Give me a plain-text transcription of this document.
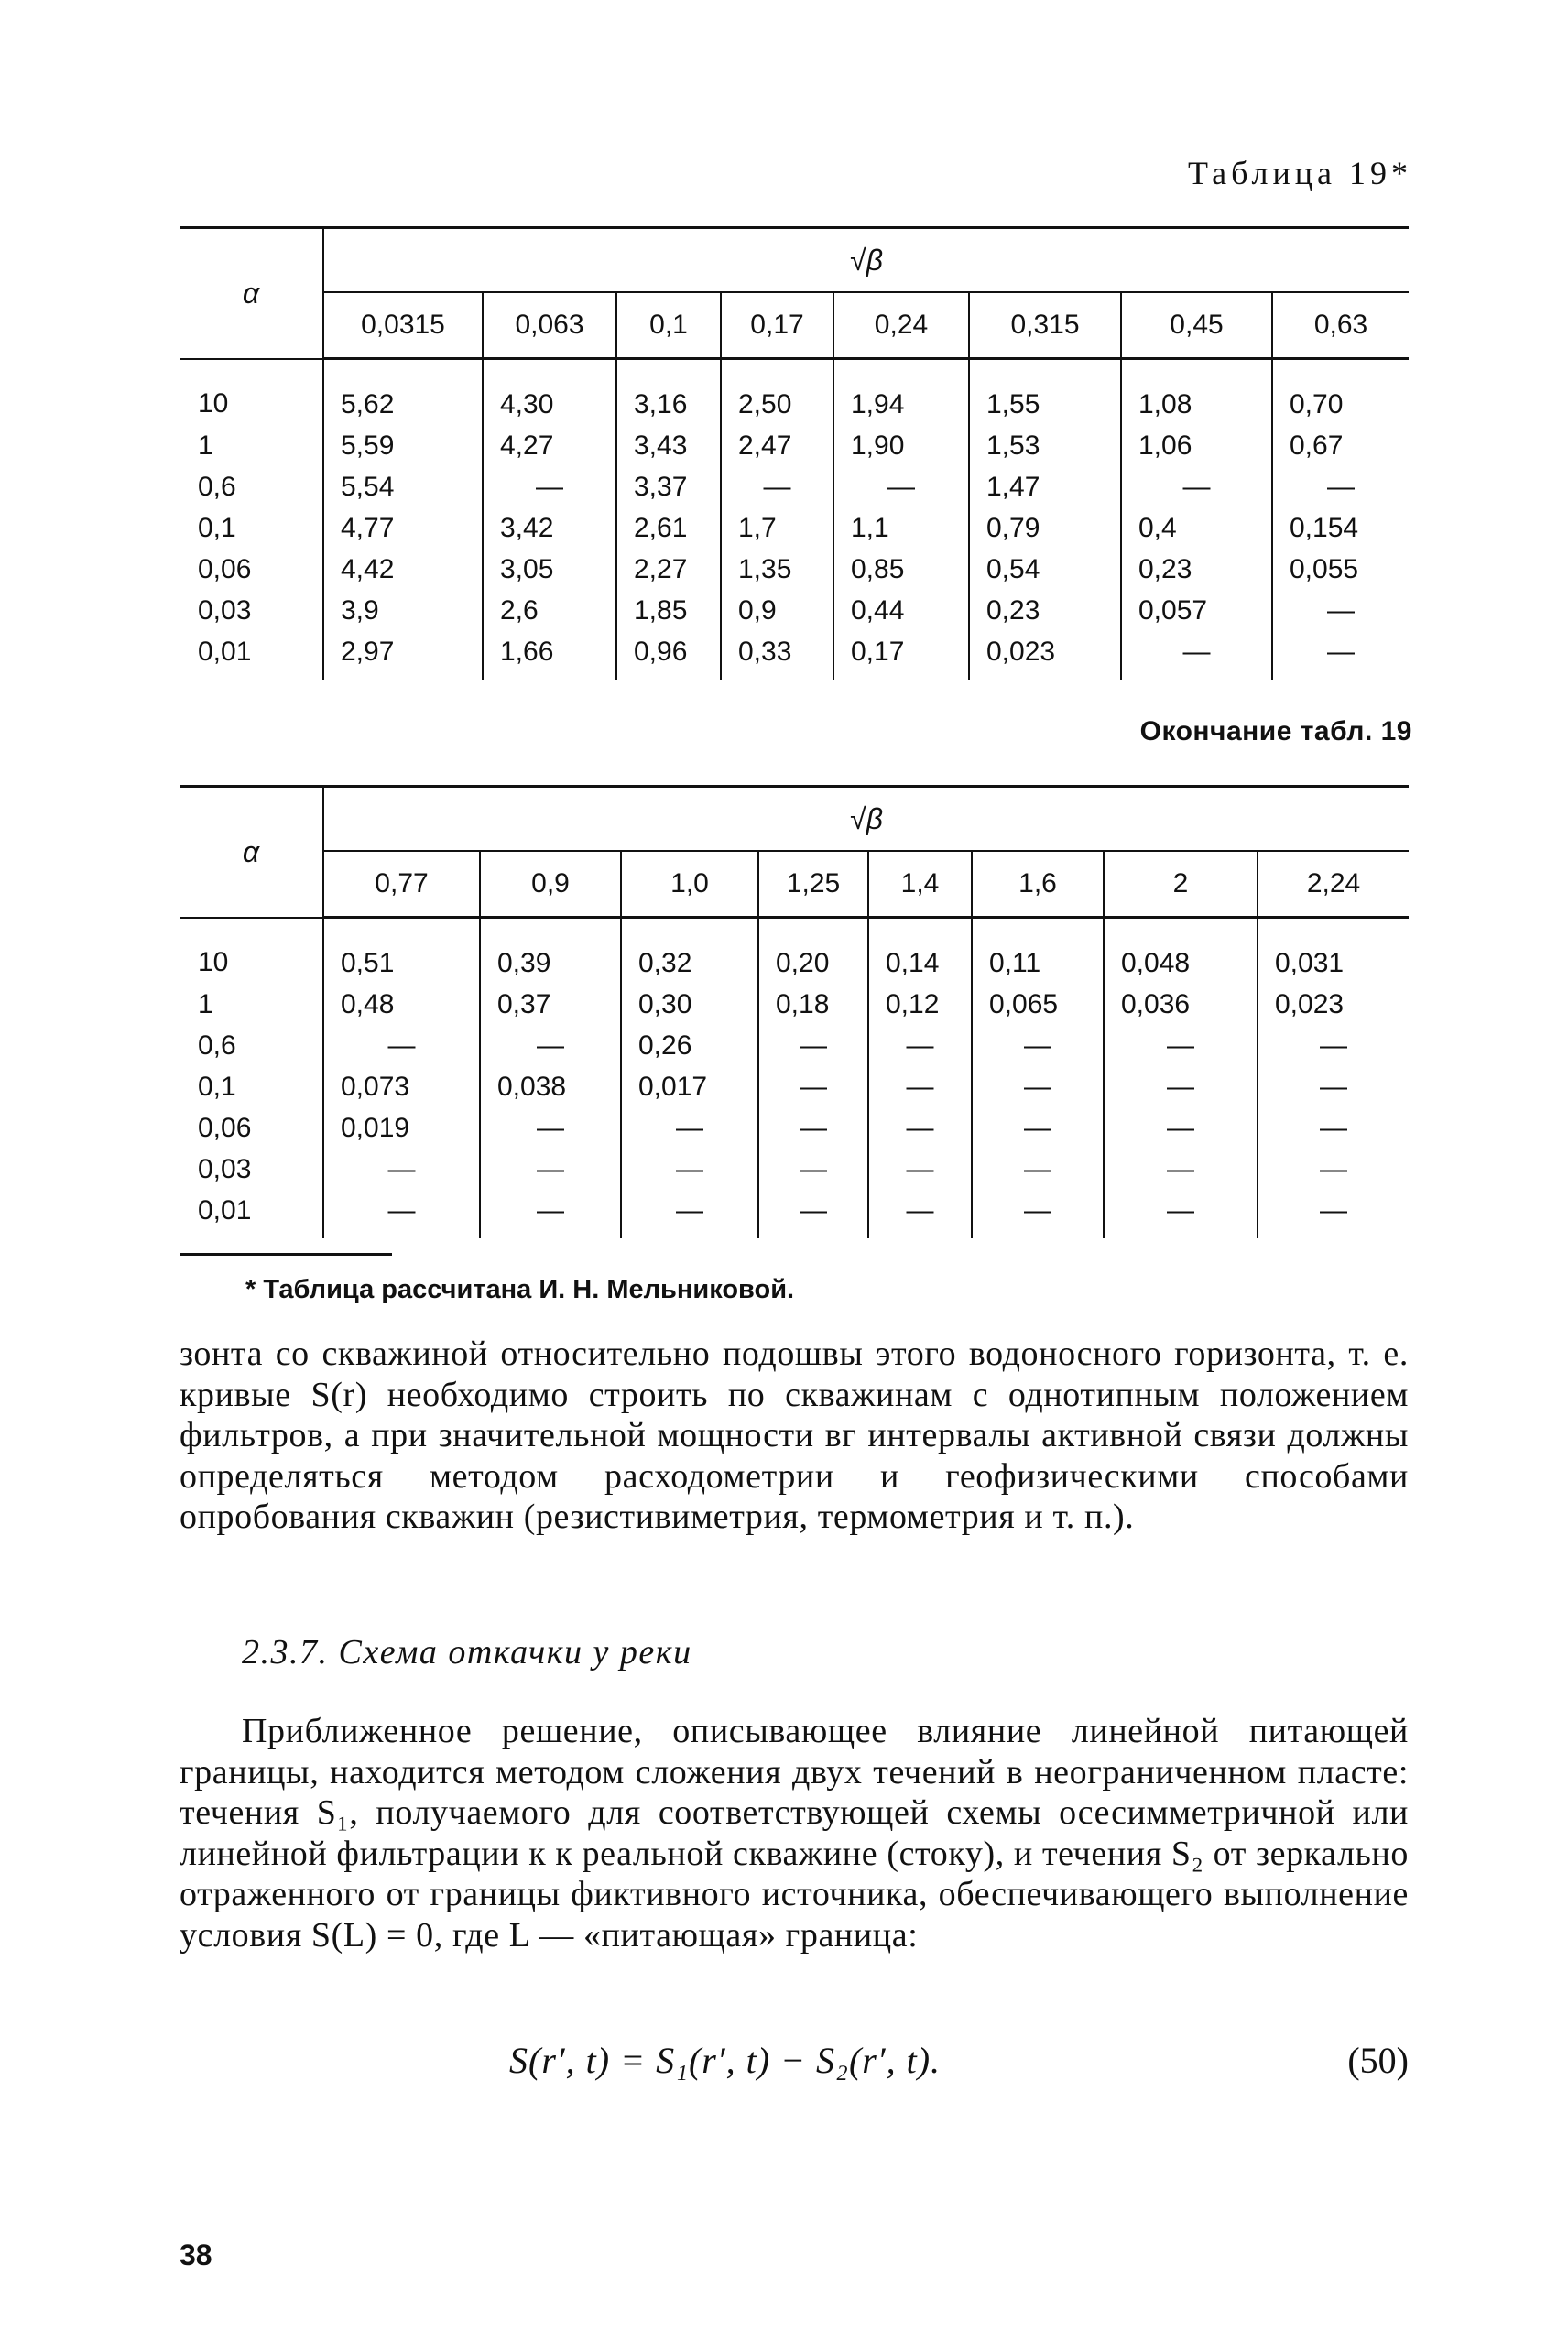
Таблица 19*
α	√β							
	0,0315	0,063	0,1	0,17	0,24	0,315	0,45	0,63
10	5,62	4,30	3,16	2,50	1,94	1,55	1,08	0,70
1	5,59	4,27	3,43	2,47	1,90	1,53	1,06	0,67
0,6	5,54	—	3,37	—	—	1,47	—	—
0,1	4,77	3,42	2,61	1,7	1,1	0,79	0,4	0,154
0,06	4,42	3,05	2,27	1,35	0,85	0,54	0,23	0,055
0,03	3,9	2,6	1,85	0,9	0,44	0,23	0,057	—
0,01	2,97	1,66	0,96	0,33	0,17	0,023	—	—
Окончание табл. 19
α	√β							
	0,77	0,9	1,0	1,25	1,4	1,6	2	2,24
10	0,51	0,39	0,32	0,20	0,14	0,11	0,048	0,031
1	0,48	0,37	0,30	0,18	0,12	0,065	0,036	0,023
0,6	—	—	0,26	—	—	—	—	—
0,1	0,073	0,038	0,017	—	—	—	—	—
0,06	0,019	—	—	—	—	—	—	—
0,03	—	—	—	—	—	—	—	—
0,01	—	—	—	—	—	—	—	—
* Таблица рассчитана И. Н. Мельниковой.
зонта со скважиной относительно подошвы этого водоносного горизонта, т. е. кривые S(r) необходимо строить по скважинам с однотипным положением фильтров, а при значительной мощности вг интервалы активной связи должны определяться методом расходометрии и геофизическими способами опробования скважин (резистивиметрия, термометрия и т. п.).
2.3.7. Схема откачки у реки
Приближенное решение, описывающее влияние линейной питающей границы, находится методом сложения двух течений в неограниченном пласте: течения S₁, получаемого для соответствующей схемы осесимметричной или линейной фильтрации к к реальной скважине (стоку), и течения S₂ от зеркально отраженного от границы фиктивного источника, обеспечивающего выполнение условия S(L) = 0, где L — «питающая» граница:
S(r′, t) = S₁(r′, t) − S₂(r′, t).	(50)
38
